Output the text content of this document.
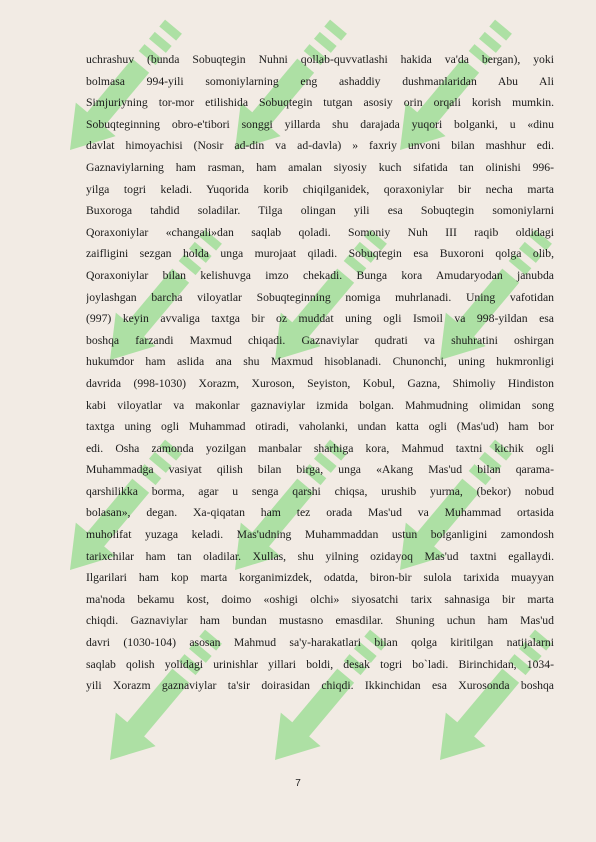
uchrashuv (bunda Sobuqtegin Nuhni qollab-quvvatlashi hakida va'da bergan), yoki
bolmasa 994-yili somoniylarning eng ashaddiy dushmanlaridan Abu Ali
Simjuriyning tor-mor etilishida Sobuqtegin tutgan asosiy orin orqali korish mumkin.
Sobuqteginning obro-e'tibori songgi yillarda shu darajada yuqori bolganki, u «dinu
davlat himoyachisi (Nosir ad-din va ad-davla) » faxriy unvoni bilan mashhur edi.
Gaznaviylarning ham rasman, ham amalan siyosiy kuch sifatida tan olinishi 996-
yilga togri keladi. Yuqorida korib chiqilganidek, qoraxoniylar bir necha marta
Buxoroga tahdid soladilar. Tilga olingan yili esa Sobuqtegin somoniylarni
Qoraxoniylar «changali»dan saqlab qoladi. Somoniy Nuh III raqib oldidagi
zaifligini sezgan holda unga murojaat qiladi. Sobuqtegin esa Buxoroni qolga olib,
Qoraxoniylar bilan kelishuvga imzo chekadi. Bunga kora Amudaryodan janubda
joylashgan barcha viloyatlar Sobuqteginning nomiga muhrlanadi. Uning vafotidan
(997) keyin avvaliga taxtga bir oz muddat uning ogli Ismoil va 998-yildan esa
boshqa farzandi Maxmud chiqadi. Gaznaviylar qudrati va shuhratini oshirgan
hukumdor ham aslida ana shu Maxmud hisoblanadi. Chunonchi, uning hukmronligi
davrida (998-1030) Xorazm, Xuroson, Seyiston, Kobul, Gazna, Shimoliy Hindiston
kabi viloyatlar va makonlar gaznaviylar izmida bolgan. Mahmudning olimidan song
taxtga uning ogli Muhammad otiradi, vaholanki, undan katta ogli (Mas'ud) ham bor
edi. Osha zamonda yozilgan manbalar sharhiga kora, Mahmud taxtni kichik ogli
Muhammadga vasiyat qilish bilan birga, unga «Akang Mas'ud bilan qarama-
qarshilikka borma, agar u senga qarshi chiqsa, urushib yurma, (bekor) nobud
bolasan», degan. Xa-qiqatan ham tez orada Mas'ud va Muhammad ortasida
muholifat yuzaga keladi. Mas'udning Muhammaddan ustun bolganligini zamondosh
tarixchilar ham tan oladilar. Xullas, shu yilning ozidayoq Mas'ud taxtni egallaydi.
Ilgarilari ham kop marta korganimizdek, odatda, biron-bir sulola tarixida muayyan
ma'noda bekamu kost, doimo «oshigi olchi» siyosatchi tarix sahnasiga bir marta
chiqdi. Gaznaviylar ham bundan mustasno emasdilar. Shuning uchun ham Mas'ud
davri (1030-104) asosan Mahmud sa'y-harakatlari bilan qolga kiritilgan natijalarni
saqlab qolish yolidagi urinishlar yillari boldi, desak togri bo`ladi. Birinchidan, 1034-
yili Xorazm gaznaviylar ta'sir doirasidan chiqdi. Ikkinchidan esa Xurosonda boshqa
7
